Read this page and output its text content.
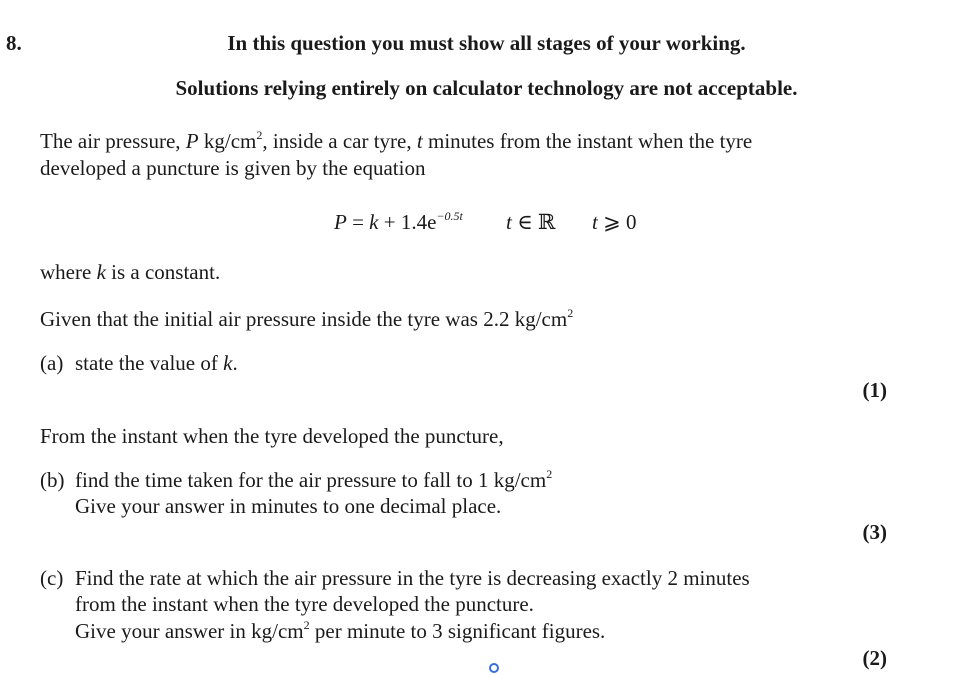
8.	In this question you must show all stages of your working.
Solutions relying entirely on calculator technology are not acceptable.
The air pressure, P $kg/cm^2$, inside a car tyre, t minutes from the instant when the tyre
developed a puncture is given by the equation
$P = k + 1.4e^{-0.5t}$ t ∈ ℝ t ⩾ 0
where k is a constant.
Given that the initial air pressure inside the tyre was 2.2 $kg/cm^2$
(a) state the value of k.
(1)
From the instant when the tyre developed the puncture,
(b) find the time taken for the air pressure to fall to 1 $kg/cm^2$
Give your answer in minutes to one decimal place.
(3)
(c) Find the rate at which the air pressure in the tyre is decreasing exactly 2 minutes
from the instant when the tyre developed the puncture.
Give your answer in $kg/cm^2$ per minute to 3 significant figures.
(2)
